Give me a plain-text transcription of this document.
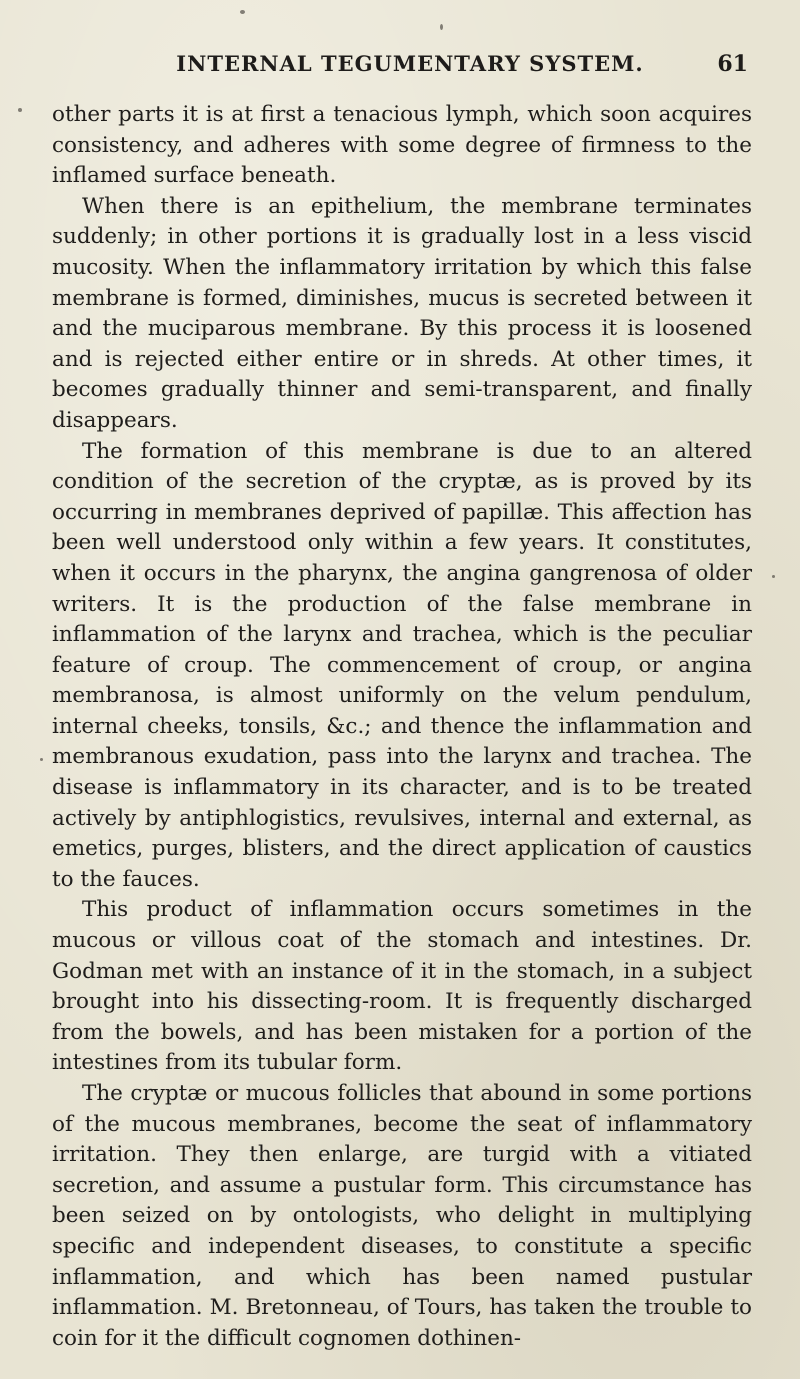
INTERNAL TEGUMENTARY SYSTEM.	61

other parts it is at first a tenacious lymph, which soon acquires consistency, and adheres with some degree of firmness to the inflamed surface beneath.

When there is an epithelium, the membrane terminates suddenly; in other portions it is gradually lost in a less viscid mucosity. When the inflammatory irritation by which this false membrane is formed, diminishes, mucus is secreted between it and the muciparous membrane. By this process it is loosened and is rejected either entire or in shreds. At other times, it becomes gradually thinner and semi-transparent, and finally disappears.

The formation of this membrane is due to an altered condition of the secretion of the cryptæ, as is proved by its occurring in membranes deprived of papillæ. This affection has been well understood only within a few years. It constitutes, when it occurs in the pharynx, the angina gangrenosa of older writers. It is the production of the false membrane in inflammation of the larynx and trachea, which is the peculiar feature of croup. The commencement of croup, or angina membranosa, is almost uniformly on the velum pendulum, internal cheeks, tonsils, &c.; and thence the inflammation and membranous exudation, pass into the larynx and trachea. The disease is inflammatory in its character, and is to be treated actively by antiphlogistics, revulsives, internal and external, as emetics, purges, blisters, and the direct application of caustics to the fauces.

This product of inflammation occurs sometimes in the mucous or villous coat of the stomach and intestines. Dr. Godman met with an instance of it in the stomach, in a subject brought into his dissecting-room. It is frequently discharged from the bowels, and has been mistaken for a portion of the intestines from its tubular form.

The cryptæ or mucous follicles that abound in some portions of the mucous membranes, become the seat of inflammatory irritation. They then enlarge, are turgid with a vitiated secretion, and assume a pustular form. This circumstance has been seized on by ontologists, who delight in multiplying specific and independent diseases, to constitute a specific inflammation, and which has been named pustular inflammation. M. Bretonneau, of Tours, has taken the trouble to coin for it the difficult cognomen dothinen-
